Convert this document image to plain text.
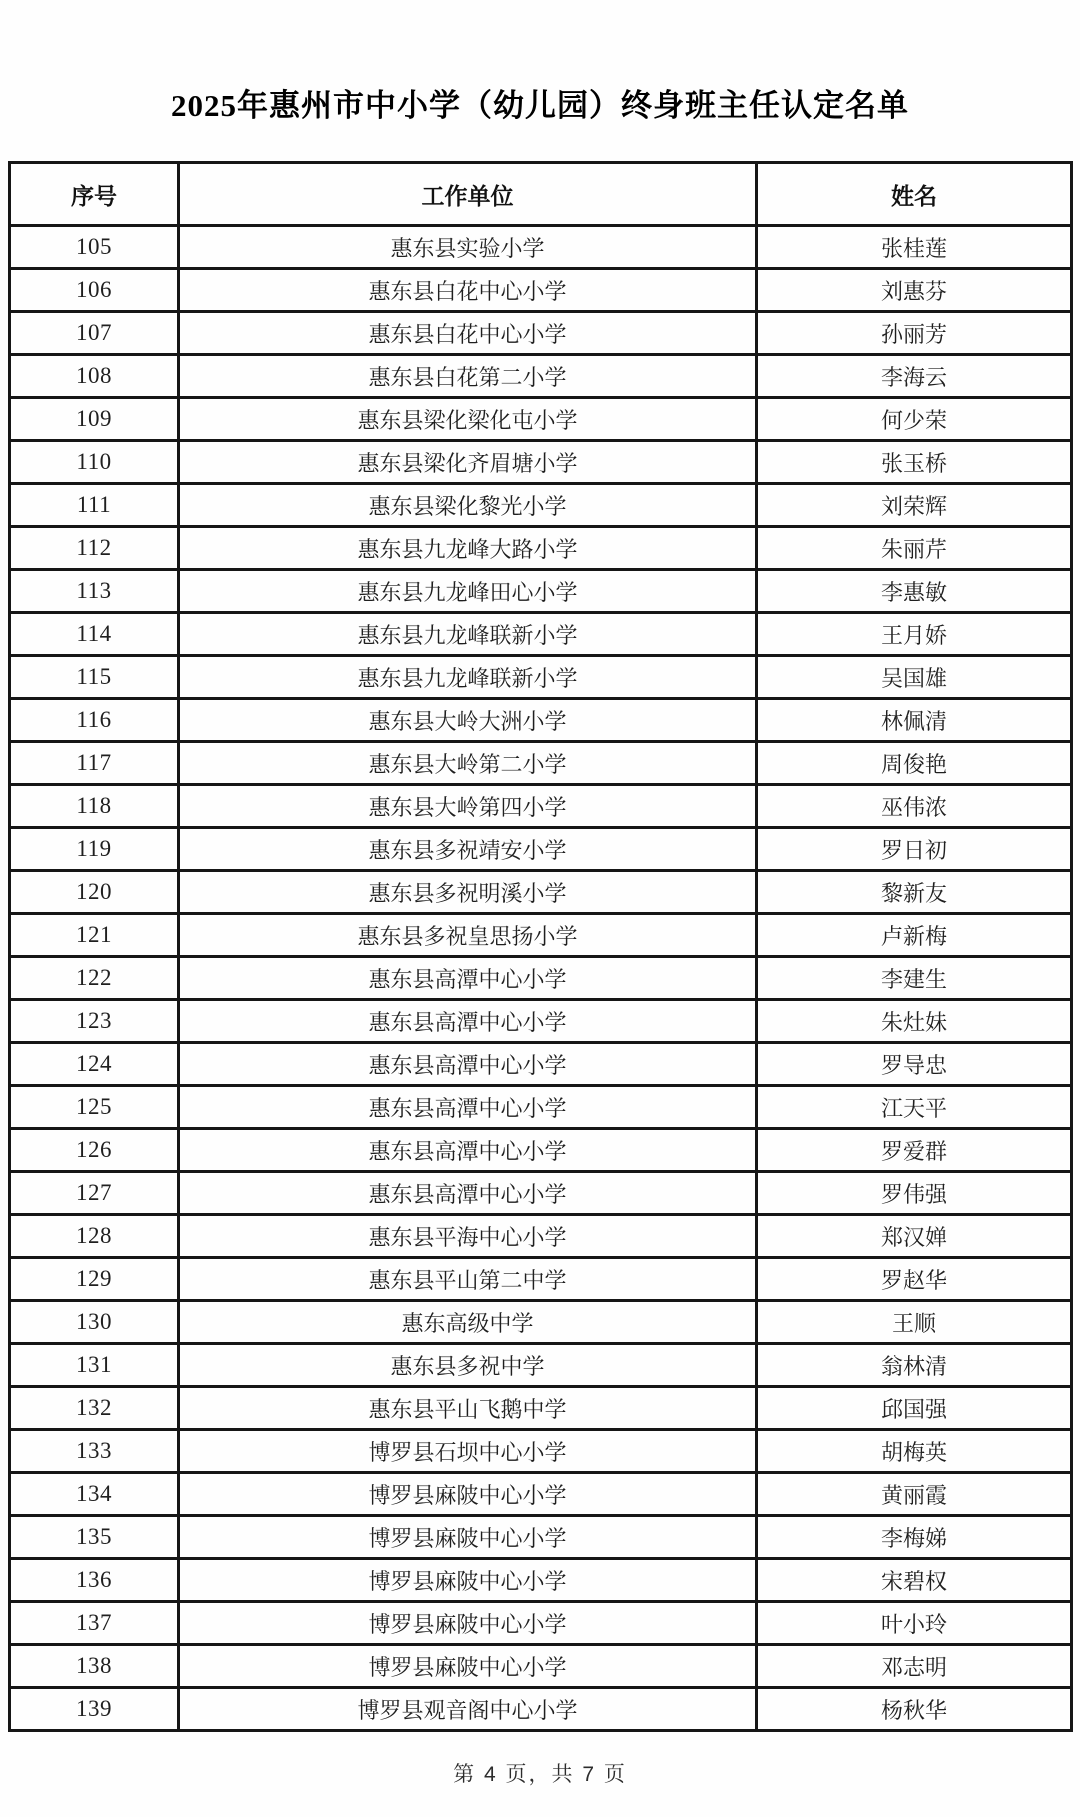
2025年惠州市中小学（幼儿园）终身班主任认定名单
序号	工作单位	姓名
105	惠东县实验小学	张桂莲
106	惠东县白花中心小学	刘惠芬
107	惠东县白花中心小学	孙丽芳
108	惠东县白花第二小学	李海云
109	惠东县梁化梁化屯小学	何少荣
110	惠东县梁化齐眉塘小学	张玉桥
111	惠东县梁化黎光小学	刘荣辉
112	惠东县九龙峰大路小学	朱丽芹
113	惠东县九龙峰田心小学	李惠敏
114	惠东县九龙峰联新小学	王月娇
115	惠东县九龙峰联新小学	吴国雄
116	惠东县大岭大洲小学	林佩清
117	惠东县大岭第二小学	周俊艳
118	惠东县大岭第四小学	巫伟浓
119	惠东县多祝靖安小学	罗日初
120	惠东县多祝明溪小学	黎新友
121	惠东县多祝皇思扬小学	卢新梅
122	惠东县高潭中心小学	李建生
123	惠东县高潭中心小学	朱灶妹
124	惠东县高潭中心小学	罗导忠
125	惠东县高潭中心小学	江天平
126	惠东县高潭中心小学	罗爱群
127	惠东县高潭中心小学	罗伟强
128	惠东县平海中心小学	郑汉婵
129	惠东县平山第二中学	罗赵华
130	惠东高级中学	王顺
131	惠东县多祝中学	翁林清
132	惠东县平山飞鹅中学	邱国强
133	博罗县石坝中心小学	胡梅英
134	博罗县麻陂中心小学	黄丽霞
135	博罗县麻陂中心小学	李梅娣
136	博罗县麻陂中心小学	宋碧权
137	博罗县麻陂中心小学	叶小玲
138	博罗县麻陂中心小学	邓志明
139	博罗县观音阁中心小学	杨秋华
第 4 页，共 7 页
